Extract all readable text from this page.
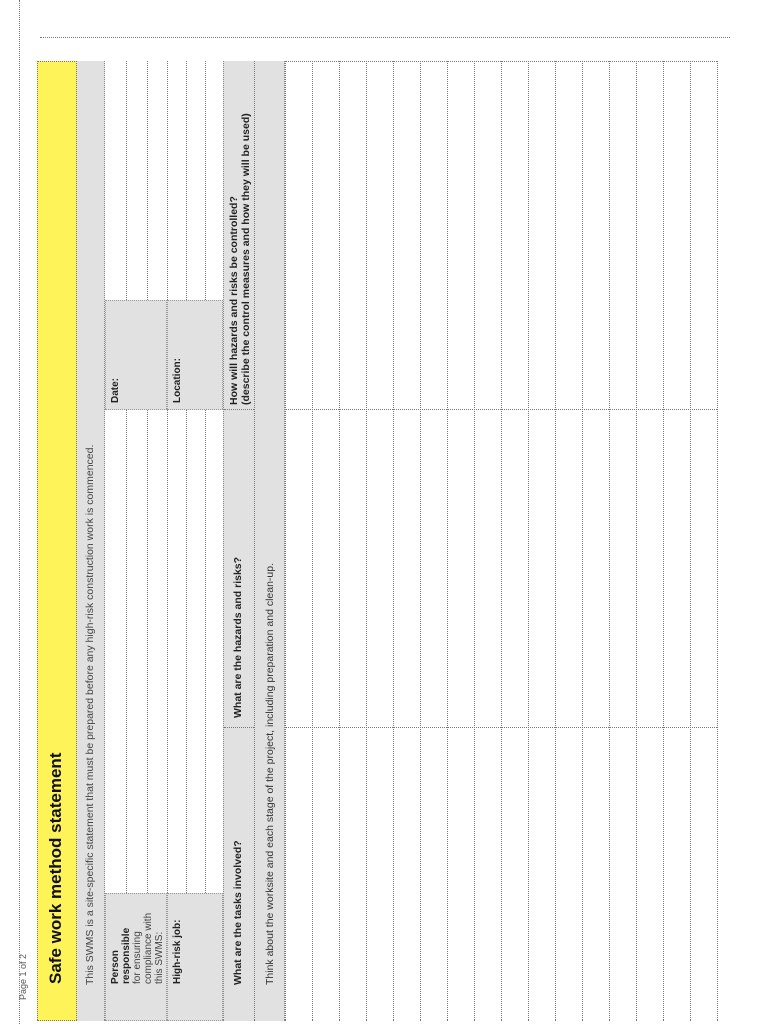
Page 1 of 2 Safe work method statement This SWMS is a site-specific statement that must be prepared before any high-risk construction work is commenced. Person responsible for ensuring compliance with this SWMS:
Date:
High-risk job:
Location:
What are the tasks involved?
What are the hazards and risks?
How will hazards and risks be controlled? (describe the control measures and how they will be used)
Think about the worksite and each stage of the project, including preparation and clean-up.
